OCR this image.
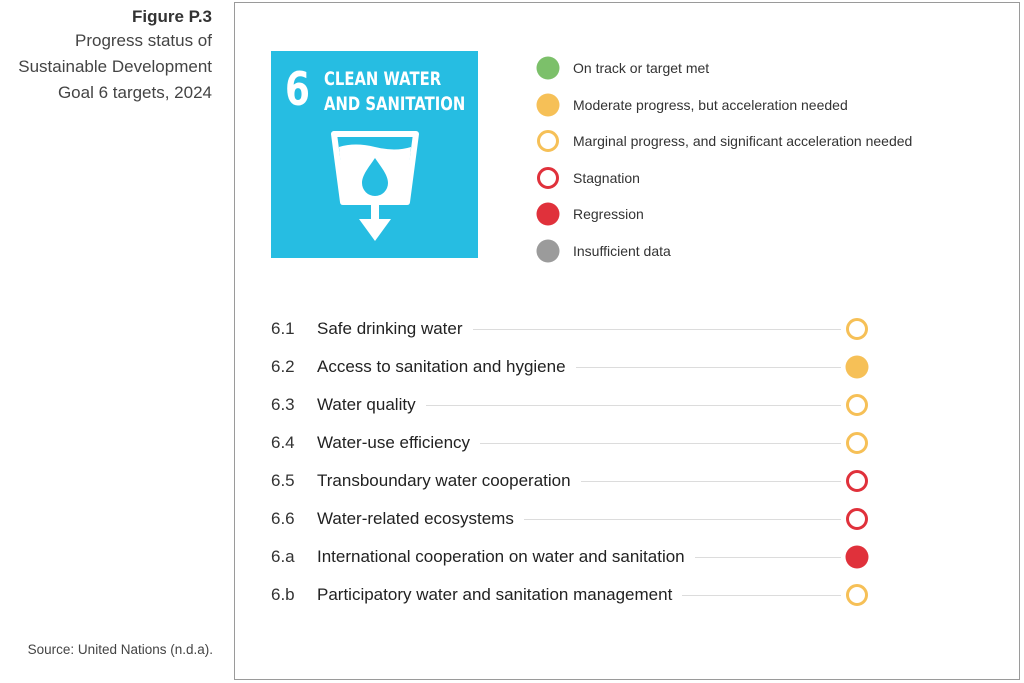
Figure P.3
Progress status of
Sustainable Development
Goal 6 targets, 2024
Source: United Nations (n.d.a).
6 CLEAN WATER
AND SANITATION
On track or target met
Moderate progress, but acceleration needed
Marginal progress, and significant acceleration needed
Stagnation
Regression
Insufficient data
6.1	Safe drinking water
6.2	Access to sanitation and hygiene
6.3	Water quality
6.4	Water-use efficiency
6.5	Transboundary water cooperation
6.6	Water-related ecosystems
6.a	International cooperation on water and sanitation
6.b	Participatory water and sanitation management
